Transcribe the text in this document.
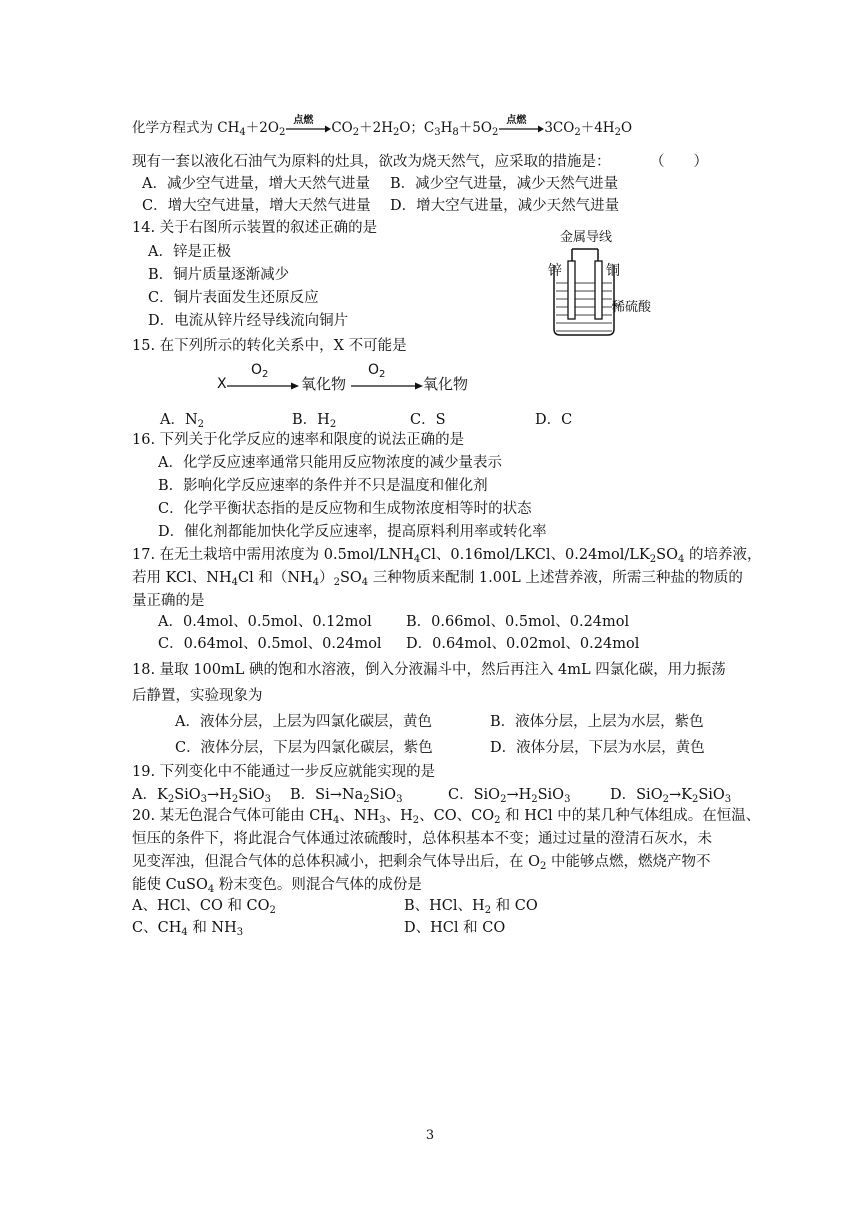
化学方程式为 $CH_4+2O_2$
点燃 $CO_2+2H_2O$；$C_3H_8+5O_2$
点燃 $3CO_2+4H_2O$
现有一套以液化石油气为原料的灶具，欲改为烧天然气，应采取的措施是：	（　　）
A．减少空气进量，增大天然气进量 B．减少空气进量，减少天然气进量
C．增大空气进量，增大天然气进量 D．增大空气进量，减少天然气进量
14. 关于右图所示装置的叙述正确的是
A．锌是正极
B．铜片质量逐渐减少
C．铜片表面发生还原反应
D．电流从锌片经导线流向铜片
金属导线
锌	铜
稀硫酸
15. 在下列所示的转化关系中，X 不可能是
X
$O_2$
氧化物
$O_2$
氧化物
A．$N_2$	B．$H_2$	C．S	D．C
16. 下列关于化学反应的速率和限度的说法正确的是
A．化学反应速率通常只能用反应物浓度的减少量表示
B．影响化学反应速率的条件并不只是温度和催化剂
C．化学平衡状态指的是反应物和生成物浓度相等时的状态
D．催化剂都能加快化学反应速率，提高原料利用率或转化率
17. 在无土栽培中需用浓度为 $0.5mol/LNH_4Cl$、0.16mol/LKCl、$0.24mol/LK_2SO_4$ 的培养液，
若用 KCl、$NH_4Cl$ 和$(NH_4)_2SO_4$ 三种物质来配制 1.00L 上述营养液，所需三种盐的物质的
量正确的是
A．0.4mol、0.5mol、0.12mol B．0.66mol、0.5mol、0.24mol
C．0.64mol、0.5mol、0.24mol D．0.64mol、0.02mol、0.24mol
18. 量取 100mL 碘的饱和水溶液，倒入分液漏斗中，然后再注入 4mL 四氯化碳，用力振荡
后静置，实验现象为
A．液体分层，上层为四氯化碳层，黄色	B．液体分层，上层为水层，紫色
C．液体分层，下层为四氯化碳层，紫色	D．液体分层，下层为水层，黄色
19. 下列变化中不能通过一步反应就能实现的是
A．$K_2SiO_3\to H_2SiO_3$ B．$Si\to Na_2SiO_3$	C．$SiO_2\to H_2SiO_3$	D．$SiO_2\to K_2SiO_3$
20. 某无色混合气体可能由 $CH_4$、$NH_3$、$H_2$、CO、$CO_2$ 和 HCl 中的某几种气体组成。在恒温、
恒压的条件下，将此混合气体通过浓硫酸时，总体积基本不变；通过过量的澄清石灰水，未
见变浑浊，但混合气体的总体积减小，把剩余气体导出后，在 $O_2$ 中能够点燃，燃烧产物不
能使 CuSO$_4$ 粉末变色。则混合气体的成份是
A、HCl、CO 和 $CO_2$	B、HCl、$H_2$ 和 CO
C、$CH_4$ 和 $NH_3$	D、HCl 和 CO
3
